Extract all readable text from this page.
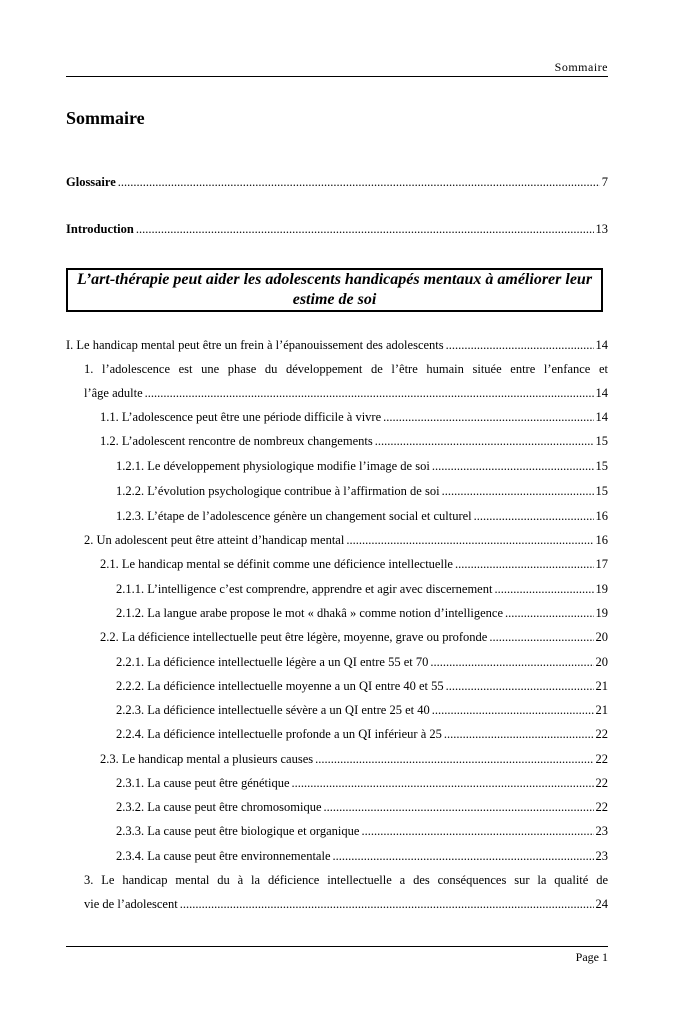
Sommaire
Sommaire
Glossaire .....	7
Introduction .....	13
L’art-thérapie peut aider les adolescents handicapés mentaux à améliorer leur estime de soi
I. Le handicap mental peut être un frein à l’épanouissement des adolescents .....	14
1. l’adolescence est une phase du développement de l’être humain située entre l’enfance et
l’âge adulte .....	14
1.1. L’adolescence peut être une période difficile à vivre .....	14
1.2. L’adolescent rencontre de nombreux changements .....	15
1.2.1. Le développement physiologique modifie l’image de soi .....	15
1.2.2. L’évolution psychologique contribue à l’affirmation de soi .....	15
1.2.3. L’étape de l’adolescence génère un changement social et culturel .....	16
2. Un adolescent peut être atteint d’handicap mental .....	16
2.1. Le handicap mental se définit comme une déficience intellectuelle .....	17
2.1.1. L’intelligence c’est comprendre, apprendre et agir avec discernement .....	19
2.1.2. La langue arabe propose le mot « dhakâ » comme notion d’intelligence .....	19
2.2. La déficience intellectuelle peut être légère, moyenne, grave ou profonde .....	20
2.2.1. La déficience intellectuelle légère a un QI entre 55 et 70 .....	20
2.2.2. La déficience intellectuelle moyenne a un QI entre 40 et 55 .....	21
2.2.3. La déficience intellectuelle sévère a un QI entre 25 et 40 .....	21
2.2.4. La déficience intellectuelle profonde a un QI inférieur à 25 .....	22
2.3. Le handicap mental a plusieurs causes .....	22
2.3.1. La cause peut être génétique .....	22
2.3.2. La cause peut être chromosomique .....	22
2.3.3. La cause peut être biologique et organique .....	23
2.3.4. La cause peut être environnementale .....	23
3. Le handicap mental du à la déficience intellectuelle a des conséquences sur la qualité de
vie de l’adolescent .....	24
Page 1
